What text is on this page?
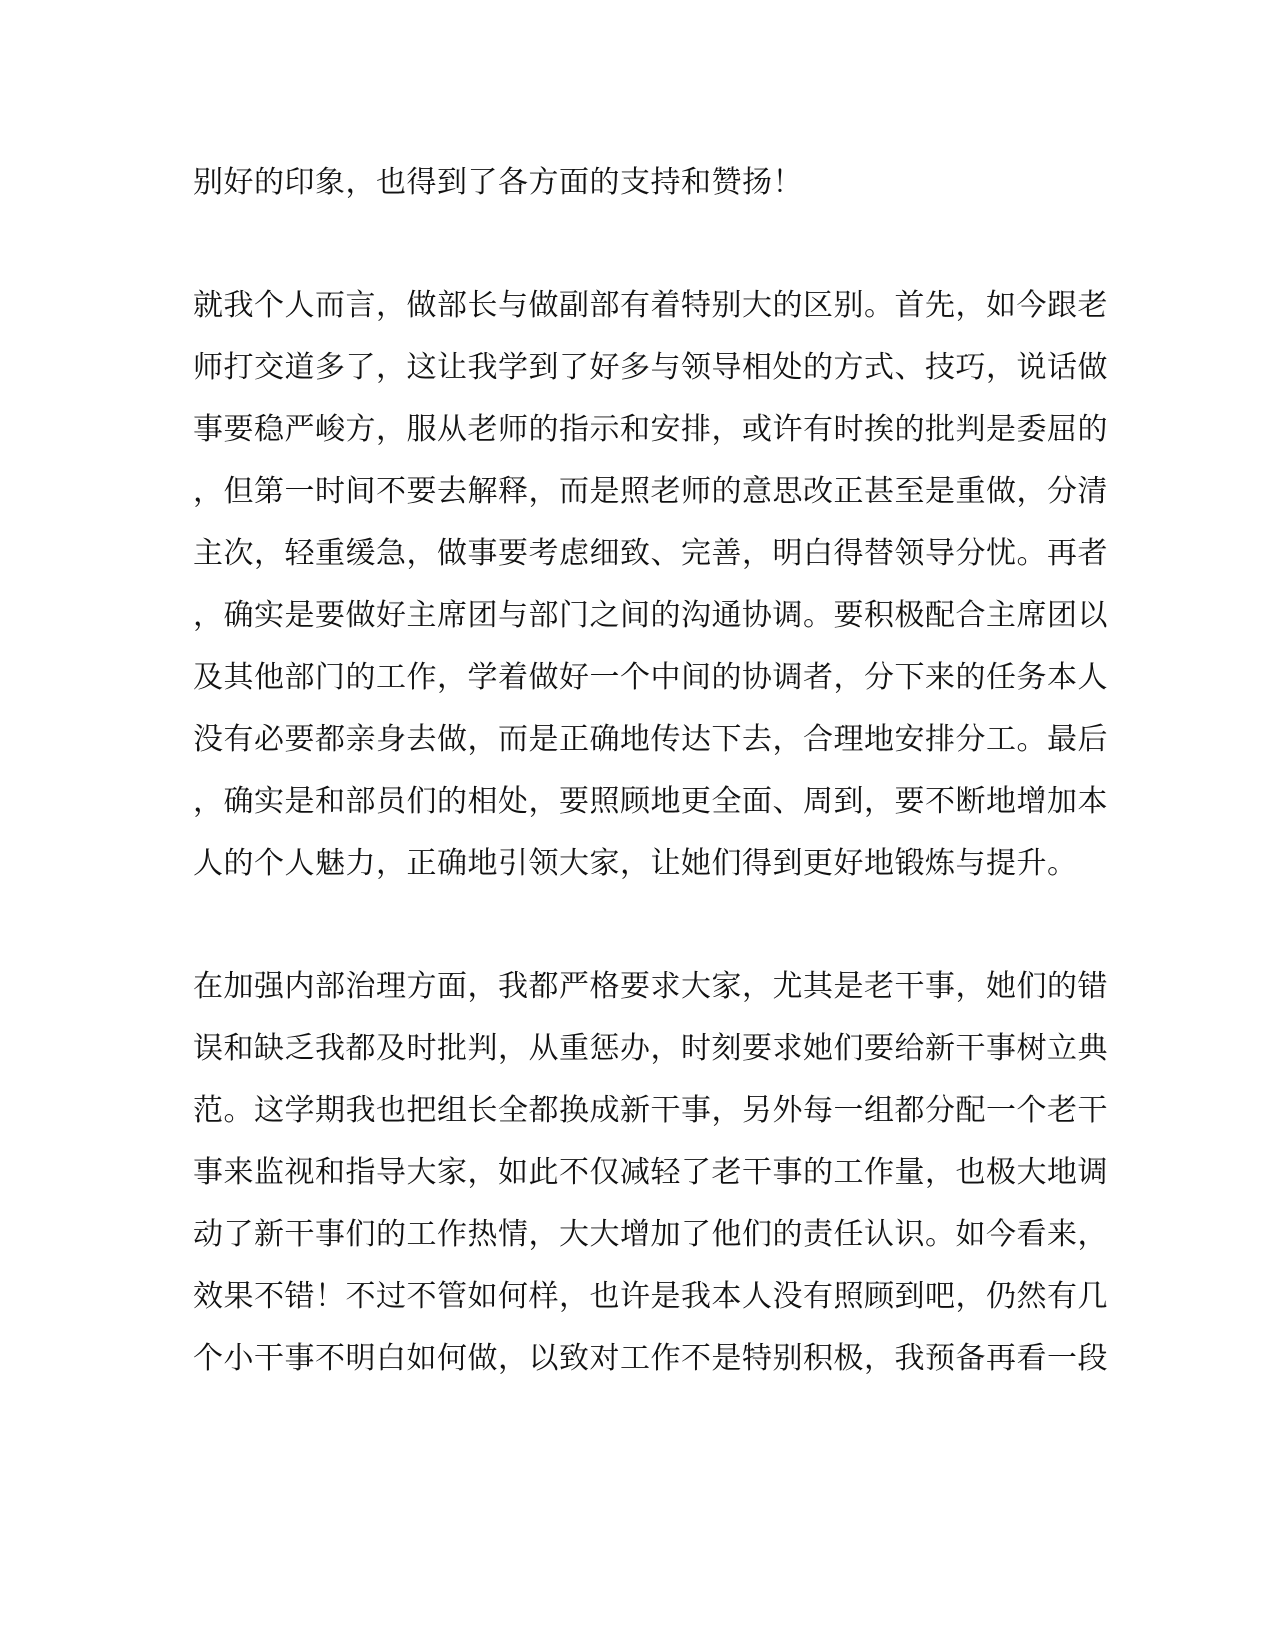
别好的印象，也得到了各方面的支持和赞扬！
就我个人而言，做部长与做副部有着特别大的区别。首先，如今跟老
师打交道多了，这让我学到了好多与领导相处的方式、技巧，说话做
事要稳严峻方，服从老师的指示和安排，或许有时挨的批判是委屈的
，但第一时间不要去解释，而是照老师的意思改正甚至是重做，分清
主次，轻重缓急，做事要考虑细致、完善，明白得替领导分忧。再者
，确实是要做好主席团与部门之间的沟通协调。要积极配合主席团以
及其他部门的工作，学着做好一个中间的协调者，分下来的任务本人
没有必要都亲身去做，而是正确地传达下去，合理地安排分工。最后
，确实是和部员们的相处，要照顾地更全面、周到，要不断地增加本
人的个人魅力，正确地引领大家，让她们得到更好地锻炼与提升。
在加强内部治理方面，我都严格要求大家，尤其是老干事，她们的错
误和缺乏我都及时批判，从重惩办，时刻要求她们要给新干事树立典
范。这学期我也把组长全都换成新干事，另外每一组都分配一个老干
事来监视和指导大家，如此不仅减轻了老干事的工作量，也极大地调
动了新干事们的工作热情，大大增加了他们的责任认识。如今看来，
效果不错！不过不管如何样，也许是我本人没有照顾到吧，仍然有几
个小干事不明白如何做，以致对工作不是特别积极，我预备再看一段
